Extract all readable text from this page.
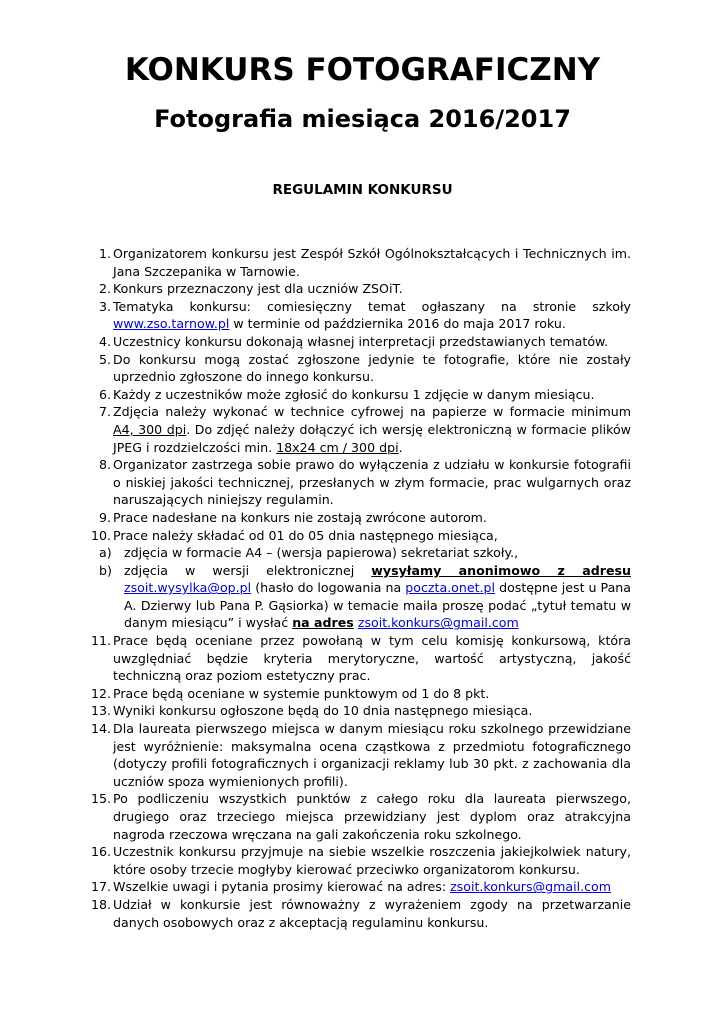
KONKURS FOTOGRAFICZNY
Fotografia miesiąca 2016/2017
REGULAMIN KONKURSU
1. Organizatorem konkursu jest Zespół Szkół Ogólnokształcących i Technicznych im. Jana Szczepanika w Tarnowie.
2. Konkurs przeznaczony jest dla uczniów ZSOiT.
3. Tematyka konkursu: comiesięczny temat ogłaszany na stronie szkoły www.zso.tarnow.pl w terminie od października 2016 do maja 2017 roku.
4. Uczestnicy konkursu dokonają własnej interpretacji przedstawianych tematów.
5. Do konkursu mogą zostać zgłoszone jedynie te fotografie, które nie zostały uprzednio zgłoszone do innego konkursu.
6. Każdy z uczestników może zgłosić do konkursu 1 zdjęcie w danym miesiącu.
7. Zdjęcia należy wykonać w technice cyfrowej na papierze w formacie minimum A4, 300 dpi. Do zdjęć należy dołączyć ich wersję elektroniczną w formacie plików JPEG i rozdzielczości min. 18x24 cm / 300 dpi.
8. Organizator zastrzega sobie prawo do wyłączenia z udziału w konkursie fotografii o niskiej jakości technicznej, przesłanych w złym formacie, prac wulgarnych oraz naruszających niniejszy regulamin.
9. Prace nadesłane na konkurs nie zostają zwrócone autorom.
10. Prace należy składać od 01 do 05 dnia następnego miesiąca,
a) zdjęcia w formacie A4 – (wersja papierowa) sekretariat szkoły.,
b) zdjęcia w wersji elektronicznej wysyłamy anonimowo z adresu zsoit.wysylka@op.pl (hasło do logowania na poczta.onet.pl dostępne jest u Pana A. Dzierwy lub Pana P. Gąsiorka) w temacie maila proszę podać „tytuł tematu w danym miesiącu” i wysłać na adres zsoit.konkurs@gmail.com
11. Prace będą oceniane przez powołaną w tym celu komisję konkursową, która uwzględniać będzie kryteria merytoryczne, wartość artystyczną, jakość techniczną oraz poziom estetyczny prac.
12. Prace będą oceniane w systemie punktowym od 1 do 8 pkt.
13. Wyniki konkursu ogłoszone będą do 10 dnia następnego miesiąca.
14. Dla laureata pierwszego miejsca w danym miesiącu roku szkolnego przewidziane jest wyróżnienie: maksymalna ocena cząstkowa z przedmiotu fotograficznego (dotyczy profili fotograficznych i organizacji reklamy lub 30 pkt. z zachowania dla uczniów spoza wymienionych profili).
15. Po podliczeniu wszystkich punktów z całego roku dla laureata pierwszego, drugiego oraz trzeciego miejsca przewidziany jest dyplom oraz atrakcyjna nagroda rzeczowa wręczana na gali zakończenia roku szkolnego.
16. Uczestnik konkursu przyjmuje na siebie wszelkie roszczenia jakiejkolwiek natury, które osoby trzecie mogłyby kierować przeciwko organizatorom konkursu.
17. Wszelkie uwagi i pytania prosimy kierować na adres: zsoit.konkurs@gmail.com
18. Udział w konkursie jest równoważny z wyrażeniem zgody na przetwarzanie danych osobowych oraz z akceptacją regulaminu konkursu.
